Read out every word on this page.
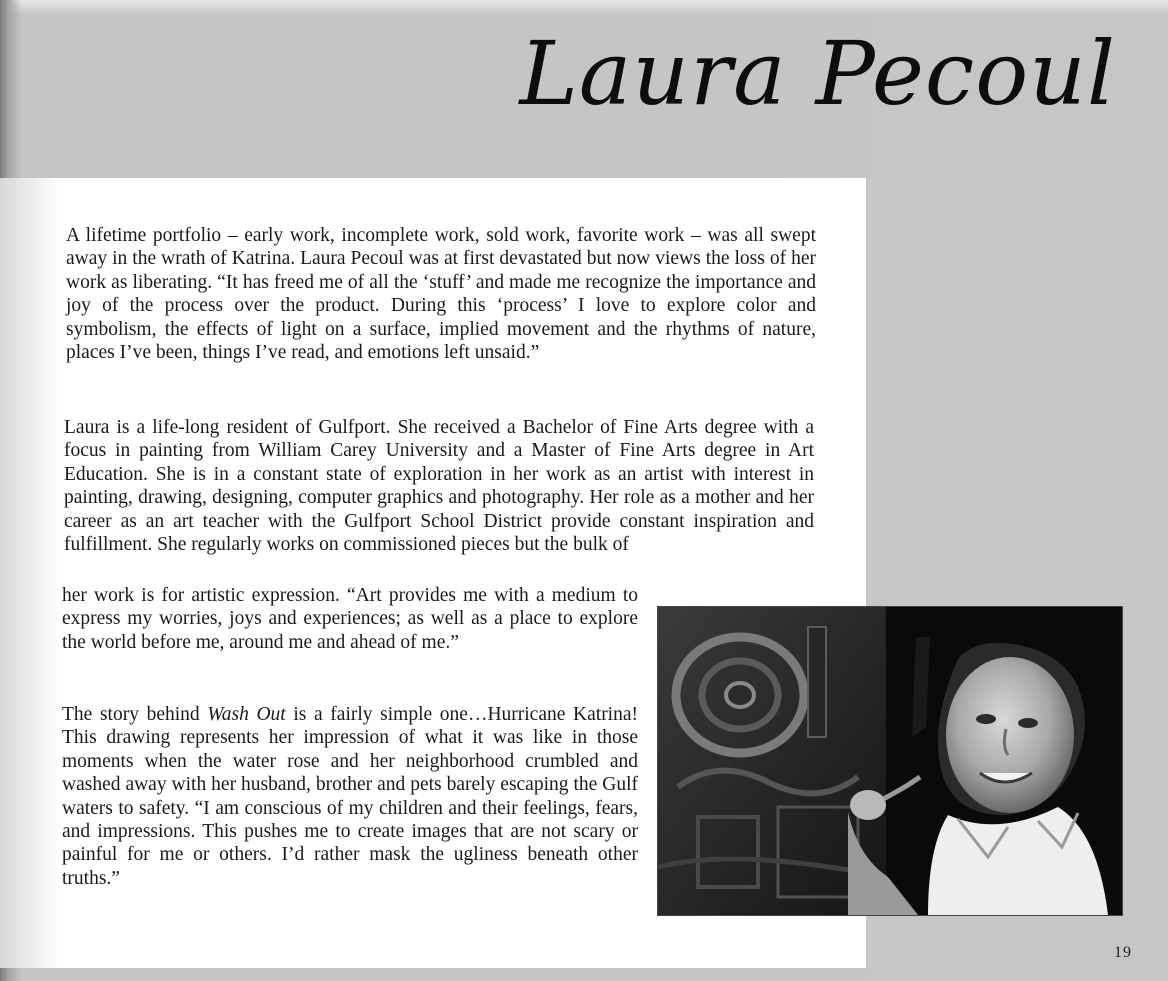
Laura Pecoul

A lifetime portfolio – early work, incomplete work, sold work, favorite work – was all swept away in the wrath of Katrina. Laura Pecoul was at first devastated but now views the loss of her work as liberating. “It has freed me of all the ‘stuff’ and made me recognize the importance and joy of the process over the product. During this ‘process’ I love to explore color and symbolism, the effects of light on a surface, implied movement and the rhythms of nature, places I’ve been, things I’ve read, and emotions left unsaid.”

Laura is a life-long resident of Gulfport. She received a Bachelor of Fine Arts degree with a focus in painting from William Carey University and a Master of Fine Arts degree in Art Education. She is in a constant state of exploration in her work as an artist with interest in painting, drawing, designing, computer graphics and photography. Her role as a mother and her career as an art teacher with the Gulfport School District provide constant inspiration and fulfillment. She regularly works on commissioned pieces but the bulk of

her work is for artistic expression. “Art provides me with a medium to express my worries, joys and experiences; as well as a place to explore the world before me, around me and ahead of me.”

The story behind Wash Out is a fairly simple one…Hurricane Katrina! This drawing represents her impression of what it was like in those moments when the water rose and her neighborhood crumbled and washed away with her husband, brother and pets barely escaping the Gulf waters to safety. “I am conscious of my children and their feelings, fears, and impressions. This pushes me to create images that are not scary or painful for me or others. I’d rather mask the ugliness beneath other truths.”

19
